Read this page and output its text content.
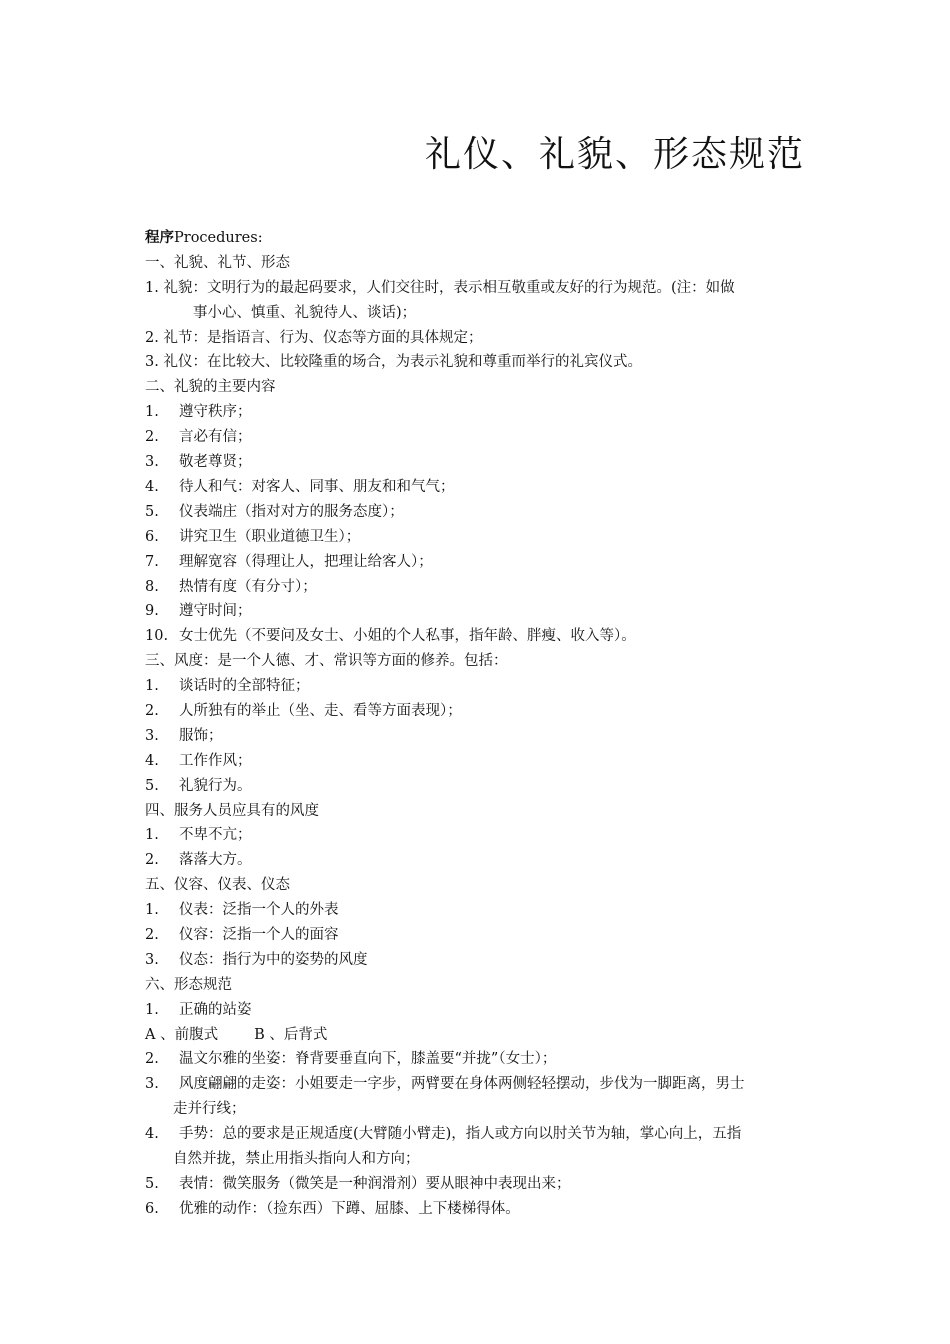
礼仪、礼貌、形态规范
程序Procedures:
一、礼貌、礼节、形态
1. 礼貌：文明行为的最起码要求，人们交往时，表示相互敬重或友好的行为规范。(注：如做
事小心、慎重、礼貌待人、谈话)；
2. 礼节：是指语言、行为、仪态等方面的具体规定；
3. 礼仪：在比较大、比较隆重的场合，为表示礼貌和尊重而举行的礼宾仪式。
二、礼貌的主要内容
1. 遵守秩序；
2. 言必有信；
3. 敬老尊贤；
4. 待人和气：对客人、同事、朋友和和气气；
5. 仪表端庄（指对对方的服务态度）；
6. 讲究卫生（职业道德卫生）；
7. 理解宽容（得理让人，把理让给客人）；
8. 热情有度（有分寸）；
9. 遵守时间；
10. 女士优先（不要问及女士、小姐的个人私事，指年龄、胖瘦、收入等）。
三、风度：是一个人德、才、常识等方面的修养。包括：
1. 谈话时的全部特征；
2. 人所独有的举止（坐、走、看等方面表现）；
3. 服饰；
4. 工作作风；
5. 礼貌行为。
四、服务人员应具有的风度
1. 不卑不亢；
2. 落落大方。
五、仪容、仪表、仪态
1. 仪表：泛指一个人的外表
2. 仪容：泛指一个人的面容
3. 仪态：指行为中的姿势的风度
六、形态规范
1. 正确的站姿
A 、前腹式 B 、后背式
2. 温文尔雅的坐姿：脊背要垂直向下，膝盖要“并拢”（女士）；
3. 风度翩翩的走姿：小姐要走一字步，两臂要在身体两侧轻轻摆动，步伐为一脚距离，男士
走并行线；
4. 手势：总的要求是正规适度(大臂随小臂走)，指人或方向以肘关节为轴，掌心向上，五指
自然并拢，禁止用指头指向人和方向；
5. 表情：微笑服务（微笑是一种润滑剂）要从眼神中表现出来；
6. 优雅的动作：（捡东西）下蹲、屈膝、上下楼梯得体。
